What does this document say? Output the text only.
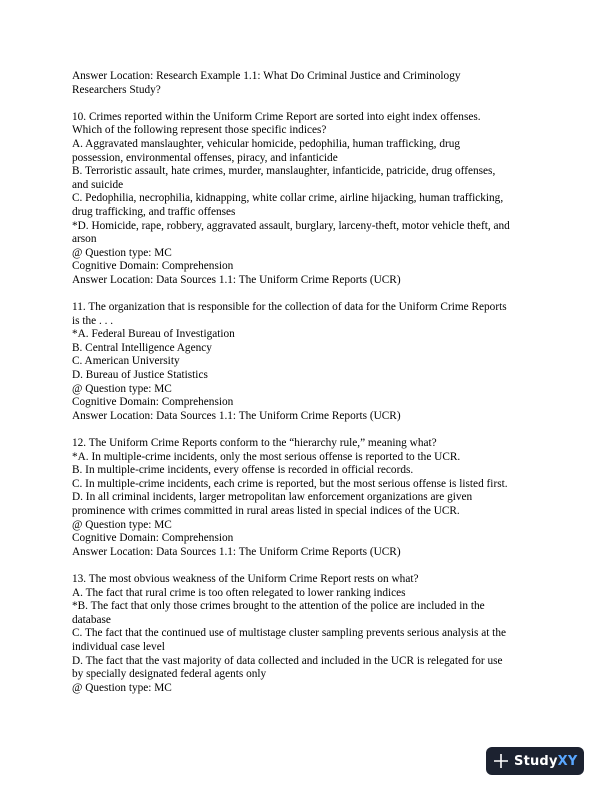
Answer Location: Research Example 1.1: What Do Criminal Justice and Criminology
Researchers Study?
10. Crimes reported within the Uniform Crime Report are sorted into eight index offenses.
Which of the following represent those specific indices?
A. Aggravated manslaughter, vehicular homicide, pedophilia, human trafficking, drug
possession, environmental offenses, piracy, and infanticide
B. Terroristic assault, hate crimes, murder, manslaughter, infanticide, patricide, drug offenses,
and suicide
C. Pedophilia, necrophilia, kidnapping, white collar crime, airline hijacking, human trafficking,
drug trafficking, and traffic offenses
*D. Homicide, rape, robbery, aggravated assault, burglary, larceny-theft, motor vehicle theft, and
arson
@ Question type: MC
Cognitive Domain: Comprehension
Answer Location: Data Sources 1.1: The Uniform Crime Reports (UCR)
11. The organization that is responsible for the collection of data for the Uniform Crime Reports
is the . . .
*A. Federal Bureau of Investigation
B. Central Intelligence Agency
C. American University
D. Bureau of Justice Statistics
@ Question type: MC
Cognitive Domain: Comprehension
Answer Location: Data Sources 1.1: The Uniform Crime Reports (UCR)
12. The Uniform Crime Reports conform to the “hierarchy rule,” meaning what?
*A. In multiple-crime incidents, only the most serious offense is reported to the UCR.
B. In multiple-crime incidents, every offense is recorded in official records.
C. In multiple-crime incidents, each crime is reported, but the most serious offense is listed first.
D. In all criminal incidents, larger metropolitan law enforcement organizations are given
prominence with crimes committed in rural areas listed in special indices of the UCR.
@ Question type: MC
Cognitive Domain: Comprehension
Answer Location: Data Sources 1.1: The Uniform Crime Reports (UCR)
13. The most obvious weakness of the Uniform Crime Report rests on what?
A. The fact that rural crime is too often relegated to lower ranking indices
*B. The fact that only those crimes brought to the attention of the police are included in the
database
C. The fact that the continued use of multistage cluster sampling prevents serious analysis at the
individual case level
D. The fact that the vast majority of data collected and included in the UCR is relegated for use
by specially designated federal agents only
@ Question type: MC
StudyXY
